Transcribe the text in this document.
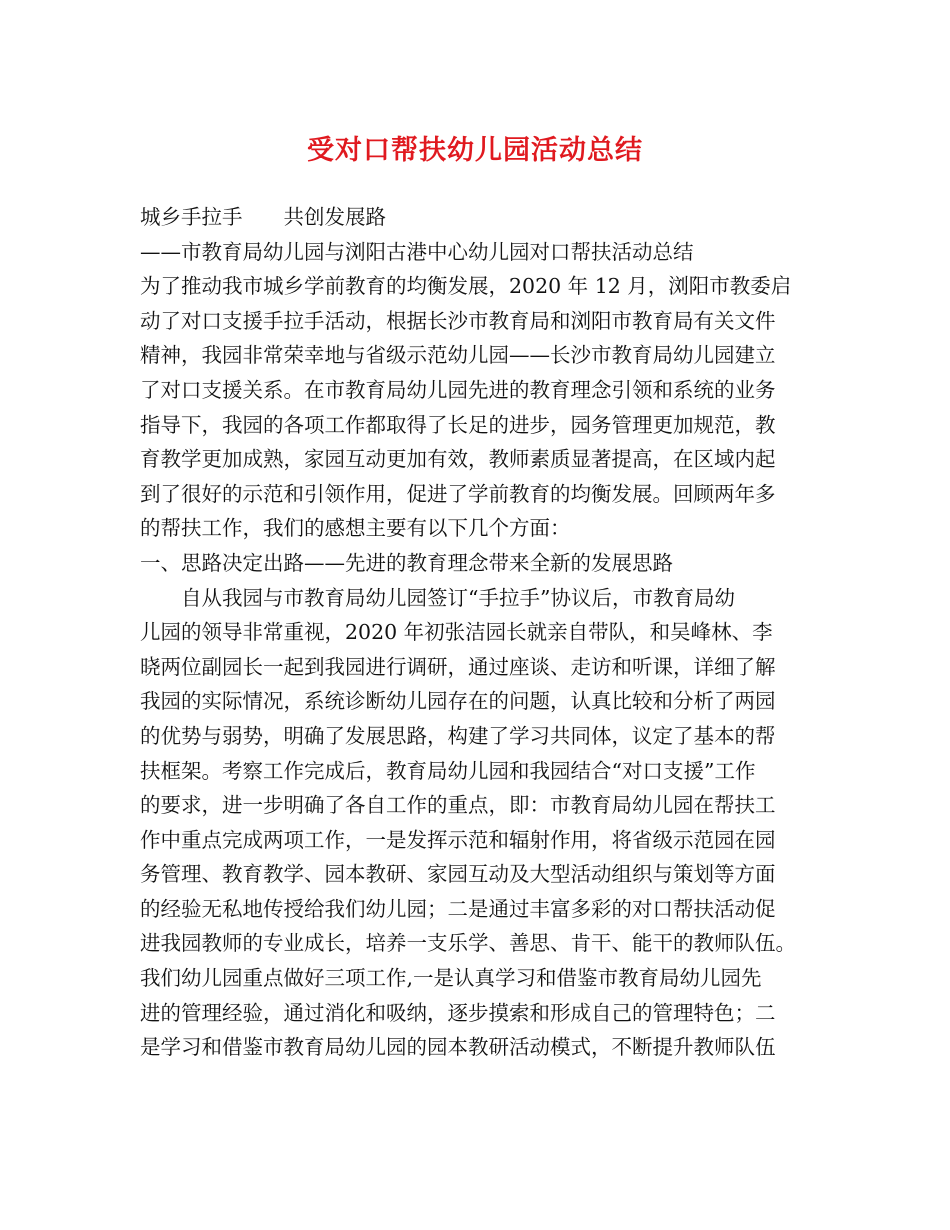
受对口帮扶幼儿园活动总结
城乡手拉手　　共创发展路
——市教育局幼儿园与浏阳古港中心幼儿园对口帮扶活动总结
为了推动我市城乡学前教育的均衡发展，2020 年 12 月，浏阳市教委启
动了对口支援手拉手活动，根据长沙市教育局和浏阳市教育局有关文件
精神，我园非常荣幸地与省级示范幼儿园——长沙市教育局幼儿园建立
了对口支援关系。在市教育局幼儿园先进的教育理念引领和系统的业务
指导下，我园的各项工作都取得了长足的进步，园务管理更加规范，教
育教学更加成熟，家园互动更加有效，教师素质显著提高，在区域内起
到了很好的示范和引领作用，促进了学前教育的均衡发展。回顾两年多
的帮扶工作，我们的感想主要有以下几个方面：
一、思路决定出路——先进的教育理念带来全新的发展思路
　　自从我园与市教育局幼儿园签订“手拉手”协议后，市教育局幼
儿园的领导非常重视，2020 年初张洁园长就亲自带队，和吴峰林、李
晓两位副园长一起到我园进行调研，通过座谈、走访和听课，详细了解
我园的实际情况，系统诊断幼儿园存在的问题，认真比较和分析了两园
的优势与弱势，明确了发展思路，构建了学习共同体，议定了基本的帮
扶框架。考察工作完成后，教育局幼儿园和我园结合“对口支援”工作
的要求，进一步明确了各自工作的重点，即：市教育局幼儿园在帮扶工
作中重点完成两项工作，一是发挥示范和辐射作用，将省级示范园在园
务管理、教育教学、园本教研、家园互动及大型活动组织与策划等方面
的经验无私地传授给我们幼儿园；二是通过丰富多彩的对口帮扶活动促
进我园教师的专业成长，培养一支乐学、善思、肯干、能干的教师队伍。
我们幼儿园重点做好三项工作,一是认真学习和借鉴市教育局幼儿园先
进的管理经验，通过消化和吸纳，逐步摸索和形成自己的管理特色；二
是学习和借鉴市教育局幼儿园的园本教研活动模式，不断提升教师队伍
